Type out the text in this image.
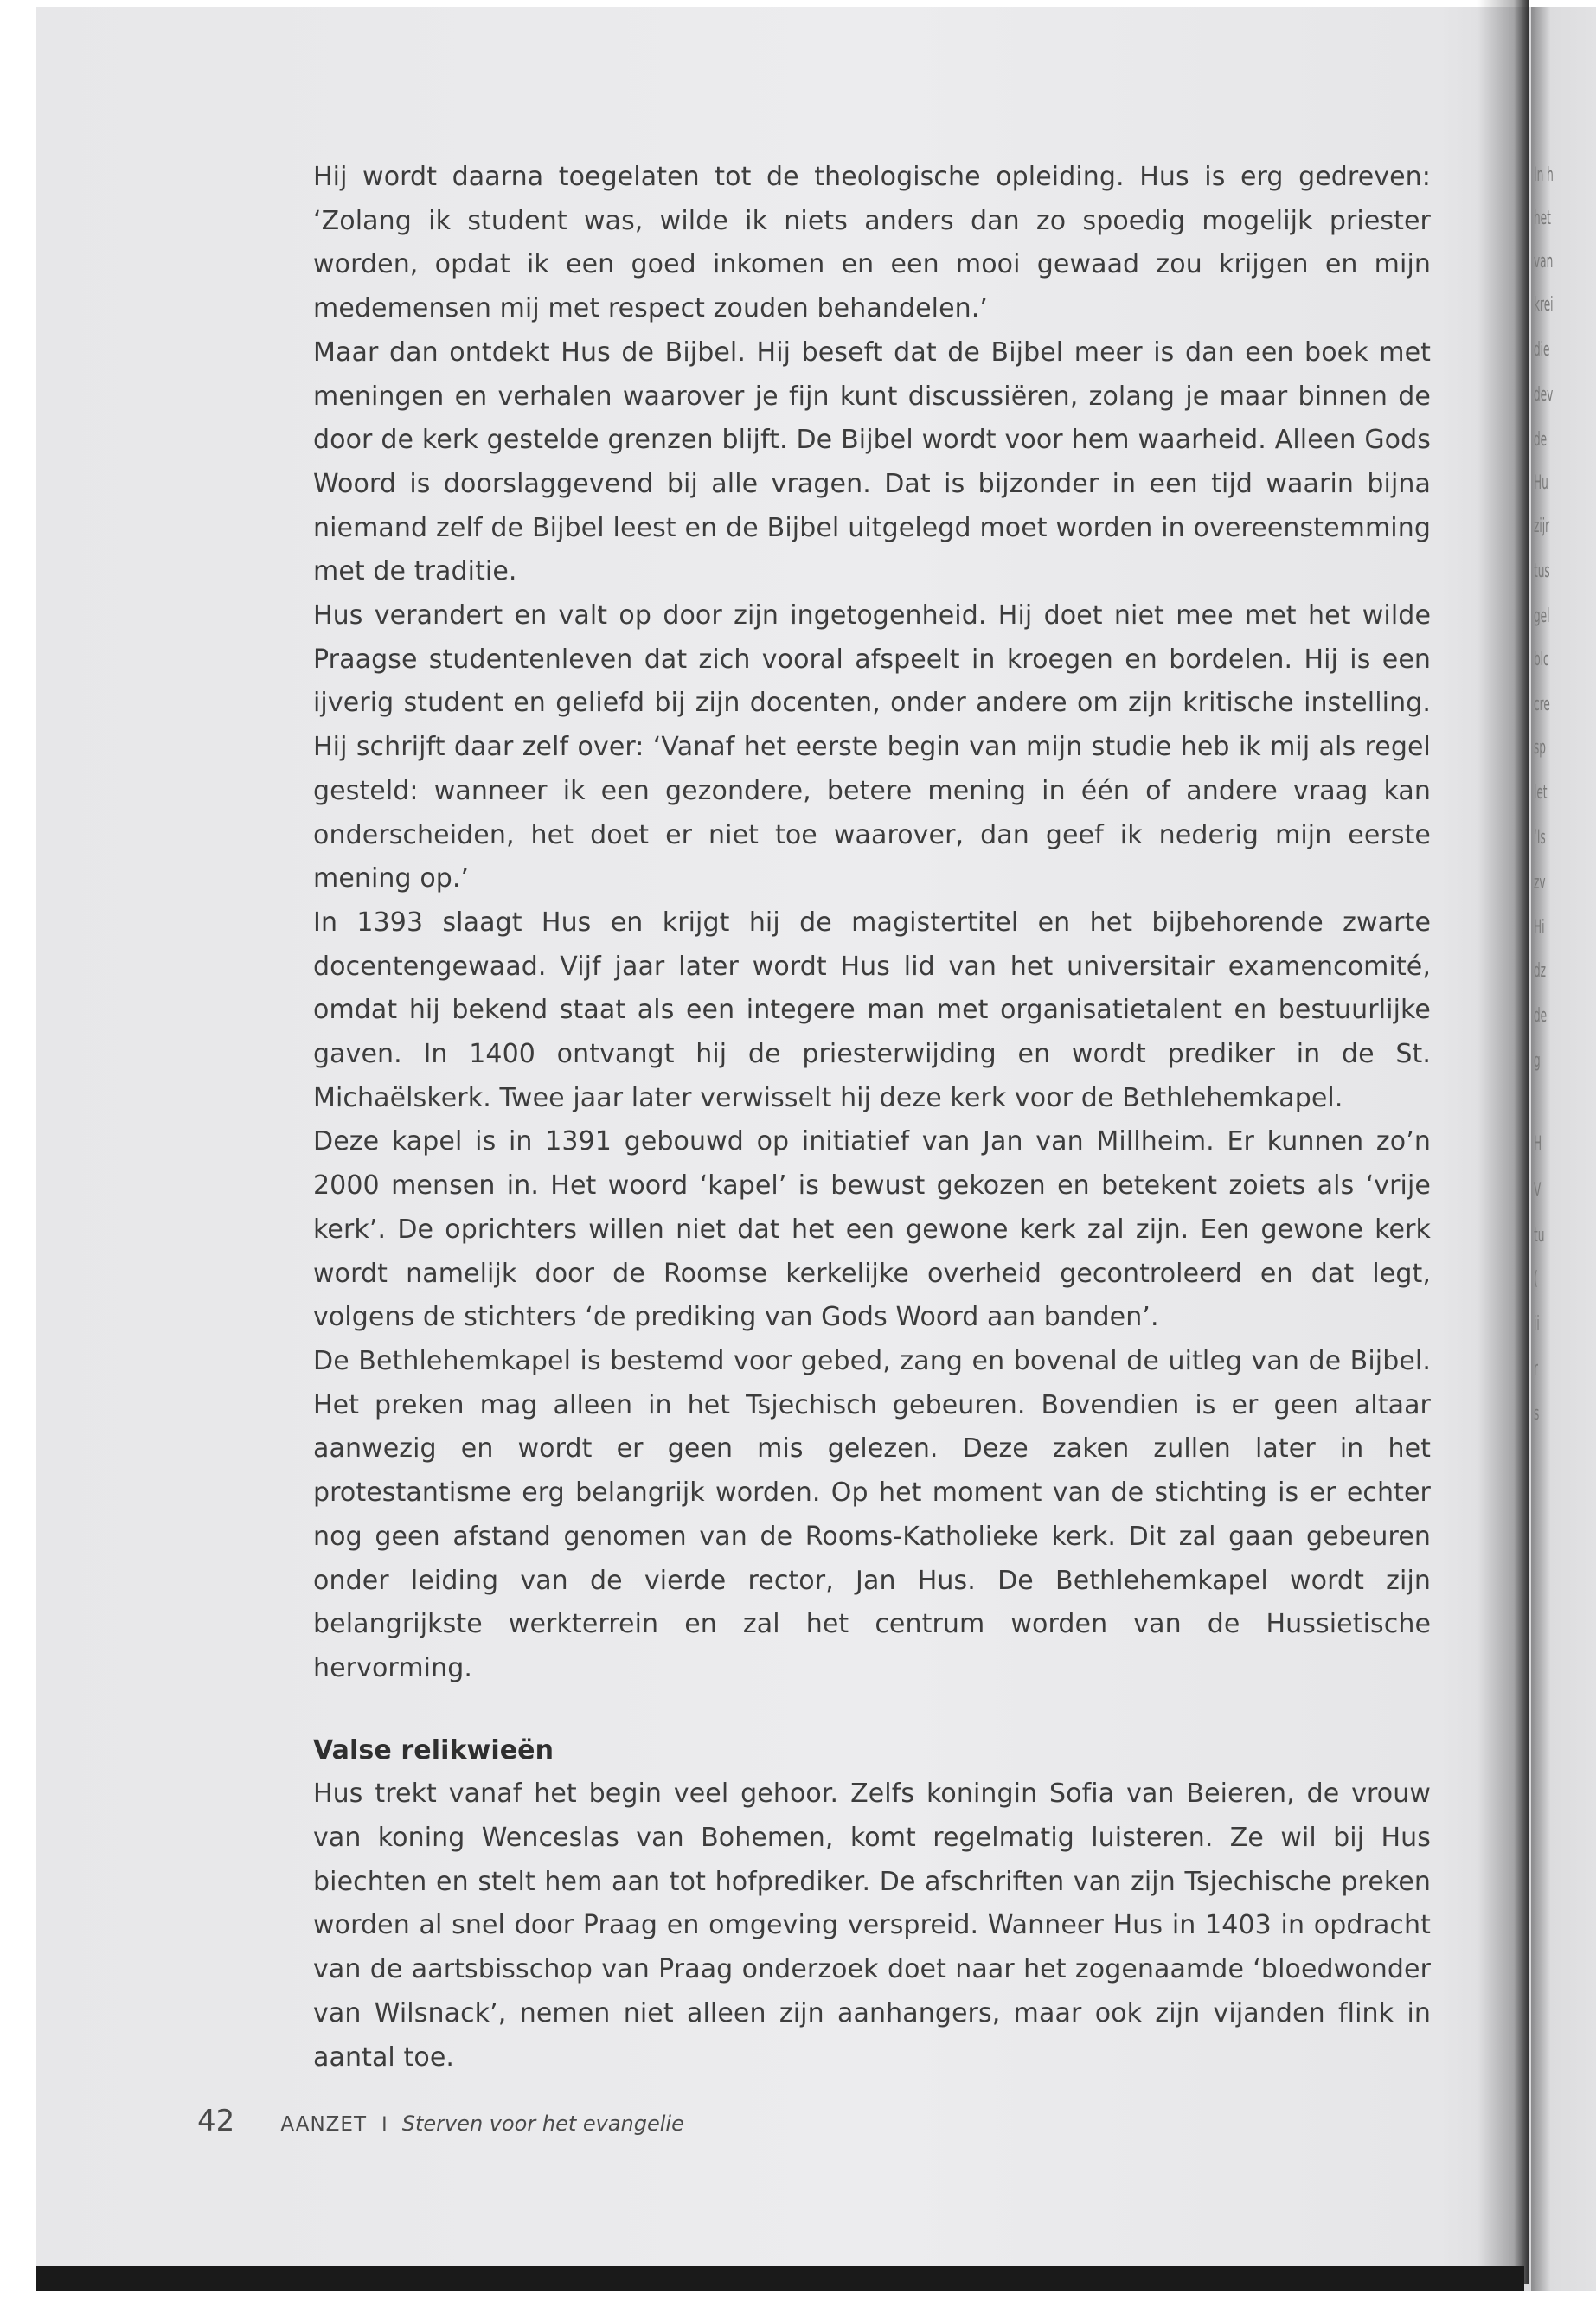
In h
het
van
krei
die
dev
de
Hu
zijr
tus
gel
blc
cre
sp
let
‘Is
zv
Hi
dz
de
g
H
V
tu
(
ii
r
s

Hij wordt daarna toegelaten tot de theologische opleiding. Hus is erg gedreven: ‘Zolang ik student was, wilde ik niets anders dan zo spoedig mogelijk priester worden, opdat ik een goed inkomen en een mooi gewaad zou krijgen en mijn medemensen mij met respect zouden behandelen.’

Maar dan ontdekt Hus de Bijbel. Hij beseft dat de Bijbel meer is dan een boek met meningen en verhalen waarover je fijn kunt discussiëren, zolang je maar binnen de door de kerk gestelde grenzen blijft. De Bijbel wordt voor hem waarheid. Alleen Gods Woord is doorslaggevend bij alle vragen. Dat is bijzonder in een tijd waarin bijna niemand zelf de Bijbel leest en de Bijbel uitgelegd moet worden in overeenstemming met de traditie.

Hus verandert en valt op door zijn ingetogenheid. Hij doet niet mee met het wilde Praagse studentenleven dat zich vooral afspeelt in kroegen en bordelen. Hij is een ijverig student en geliefd bij zijn docenten, onder andere om zijn kritische instelling. Hij schrijft daar zelf over: ‘Vanaf het eerste begin van mijn studie heb ik mij als regel gesteld: wanneer ik een gezondere, betere mening in één of andere vraag kan onderscheiden, het doet er niet toe waarover, dan geef ik nederig mijn eerste mening op.’

In 1393 slaagt Hus en krijgt hij de magistertitel en het bijbehorende zwarte docentengewaad. Vijf jaar later wordt Hus lid van het universitair examencomité, omdat hij bekend staat als een integere man met organisatietalent en bestuurlijke gaven. In 1400 ontvangt hij de priesterwijding en wordt prediker in de St. Michaëlskerk. Twee jaar later verwisselt hij deze kerk voor de Bethlehemkapel.

Deze kapel is in 1391 gebouwd op initiatief van Jan van Millheim. Er kunnen zo’n 2000 mensen in. Het woord ‘kapel’ is bewust gekozen en betekent zoiets als ‘vrije kerk’. De oprichters willen niet dat het een gewone kerk zal zijn. Een gewone kerk wordt namelijk door de Roomse kerkelijke overheid gecontroleerd en dat legt, volgens de stichters ‘de prediking van Gods Woord aan banden’.

De Bethlehemkapel is bestemd voor gebed, zang en bovenal de uitleg van de Bijbel. Het preken mag alleen in het Tsjechisch gebeuren. Bovendien is er geen altaar aanwezig en wordt er geen mis gelezen. Deze zaken zullen later in het protestantisme erg belangrijk worden. Op het moment van de stichting is er echter nog geen afstand genomen van de Rooms-Katholieke kerk. Dit zal gaan gebeuren onder leiding van de vierde rector, Jan Hus. De Bethlehemkapel wordt zijn belangrijkste werkterrein en zal het centrum worden van de Hussietische hervorming.

Valse relikwieën

Hus trekt vanaf het begin veel gehoor. Zelfs koningin Sofia van Beieren, de vrouw van koning Wenceslas van Bohemen, komt regelmatig luisteren. Ze wil bij Hus biechten en stelt hem aan tot hofprediker. De afschriften van zijn Tsjechische preken worden al snel door Praag en omgeving verspreid. Wanneer Hus in 1403 in opdracht van de aartsbisschop van Praag onderzoek doet naar het zogenaamde ‘bloedwonder van Wilsnack’, nemen niet alleen zijn aanhangers, maar ook zijn vijanden flink in aantal toe.

42 AANZET I Sterven voor het evangelie
